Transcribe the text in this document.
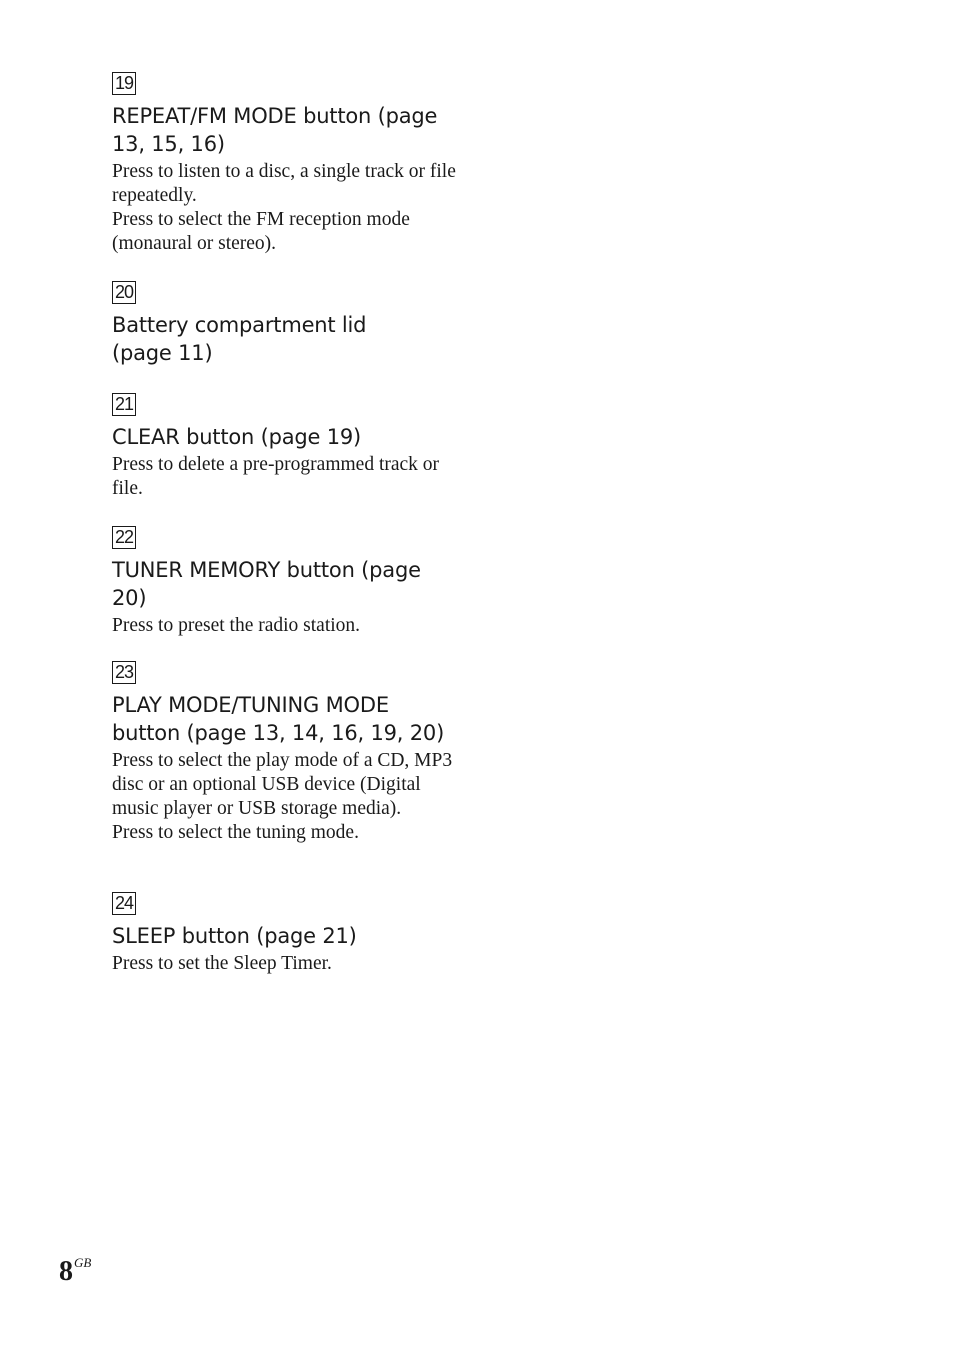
19
REPEAT/FM MODE button (page 13, 15, 16)

Press to listen to a disc, a single track or file repeatedly.

Press to select the FM reception mode (monaural or stereo).

20
Battery compartment lid (page 11)
21
CLEAR button (page 19)

Press to delete a pre-programmed track or file.

22
TUNER MEMORY button (page 20)

Press to preset the radio station.

23
PLAY MODE/TUNING MODE button (page 13, 14, 16, 19, 20)

Press to select the play mode of a CD, MP3 disc or an optional USB device (Digital music player or USB storage media).

Press to select the tuning mode.

24
SLEEP button (page 21)

Press to set the Sleep Timer.

$8^{GB}$
